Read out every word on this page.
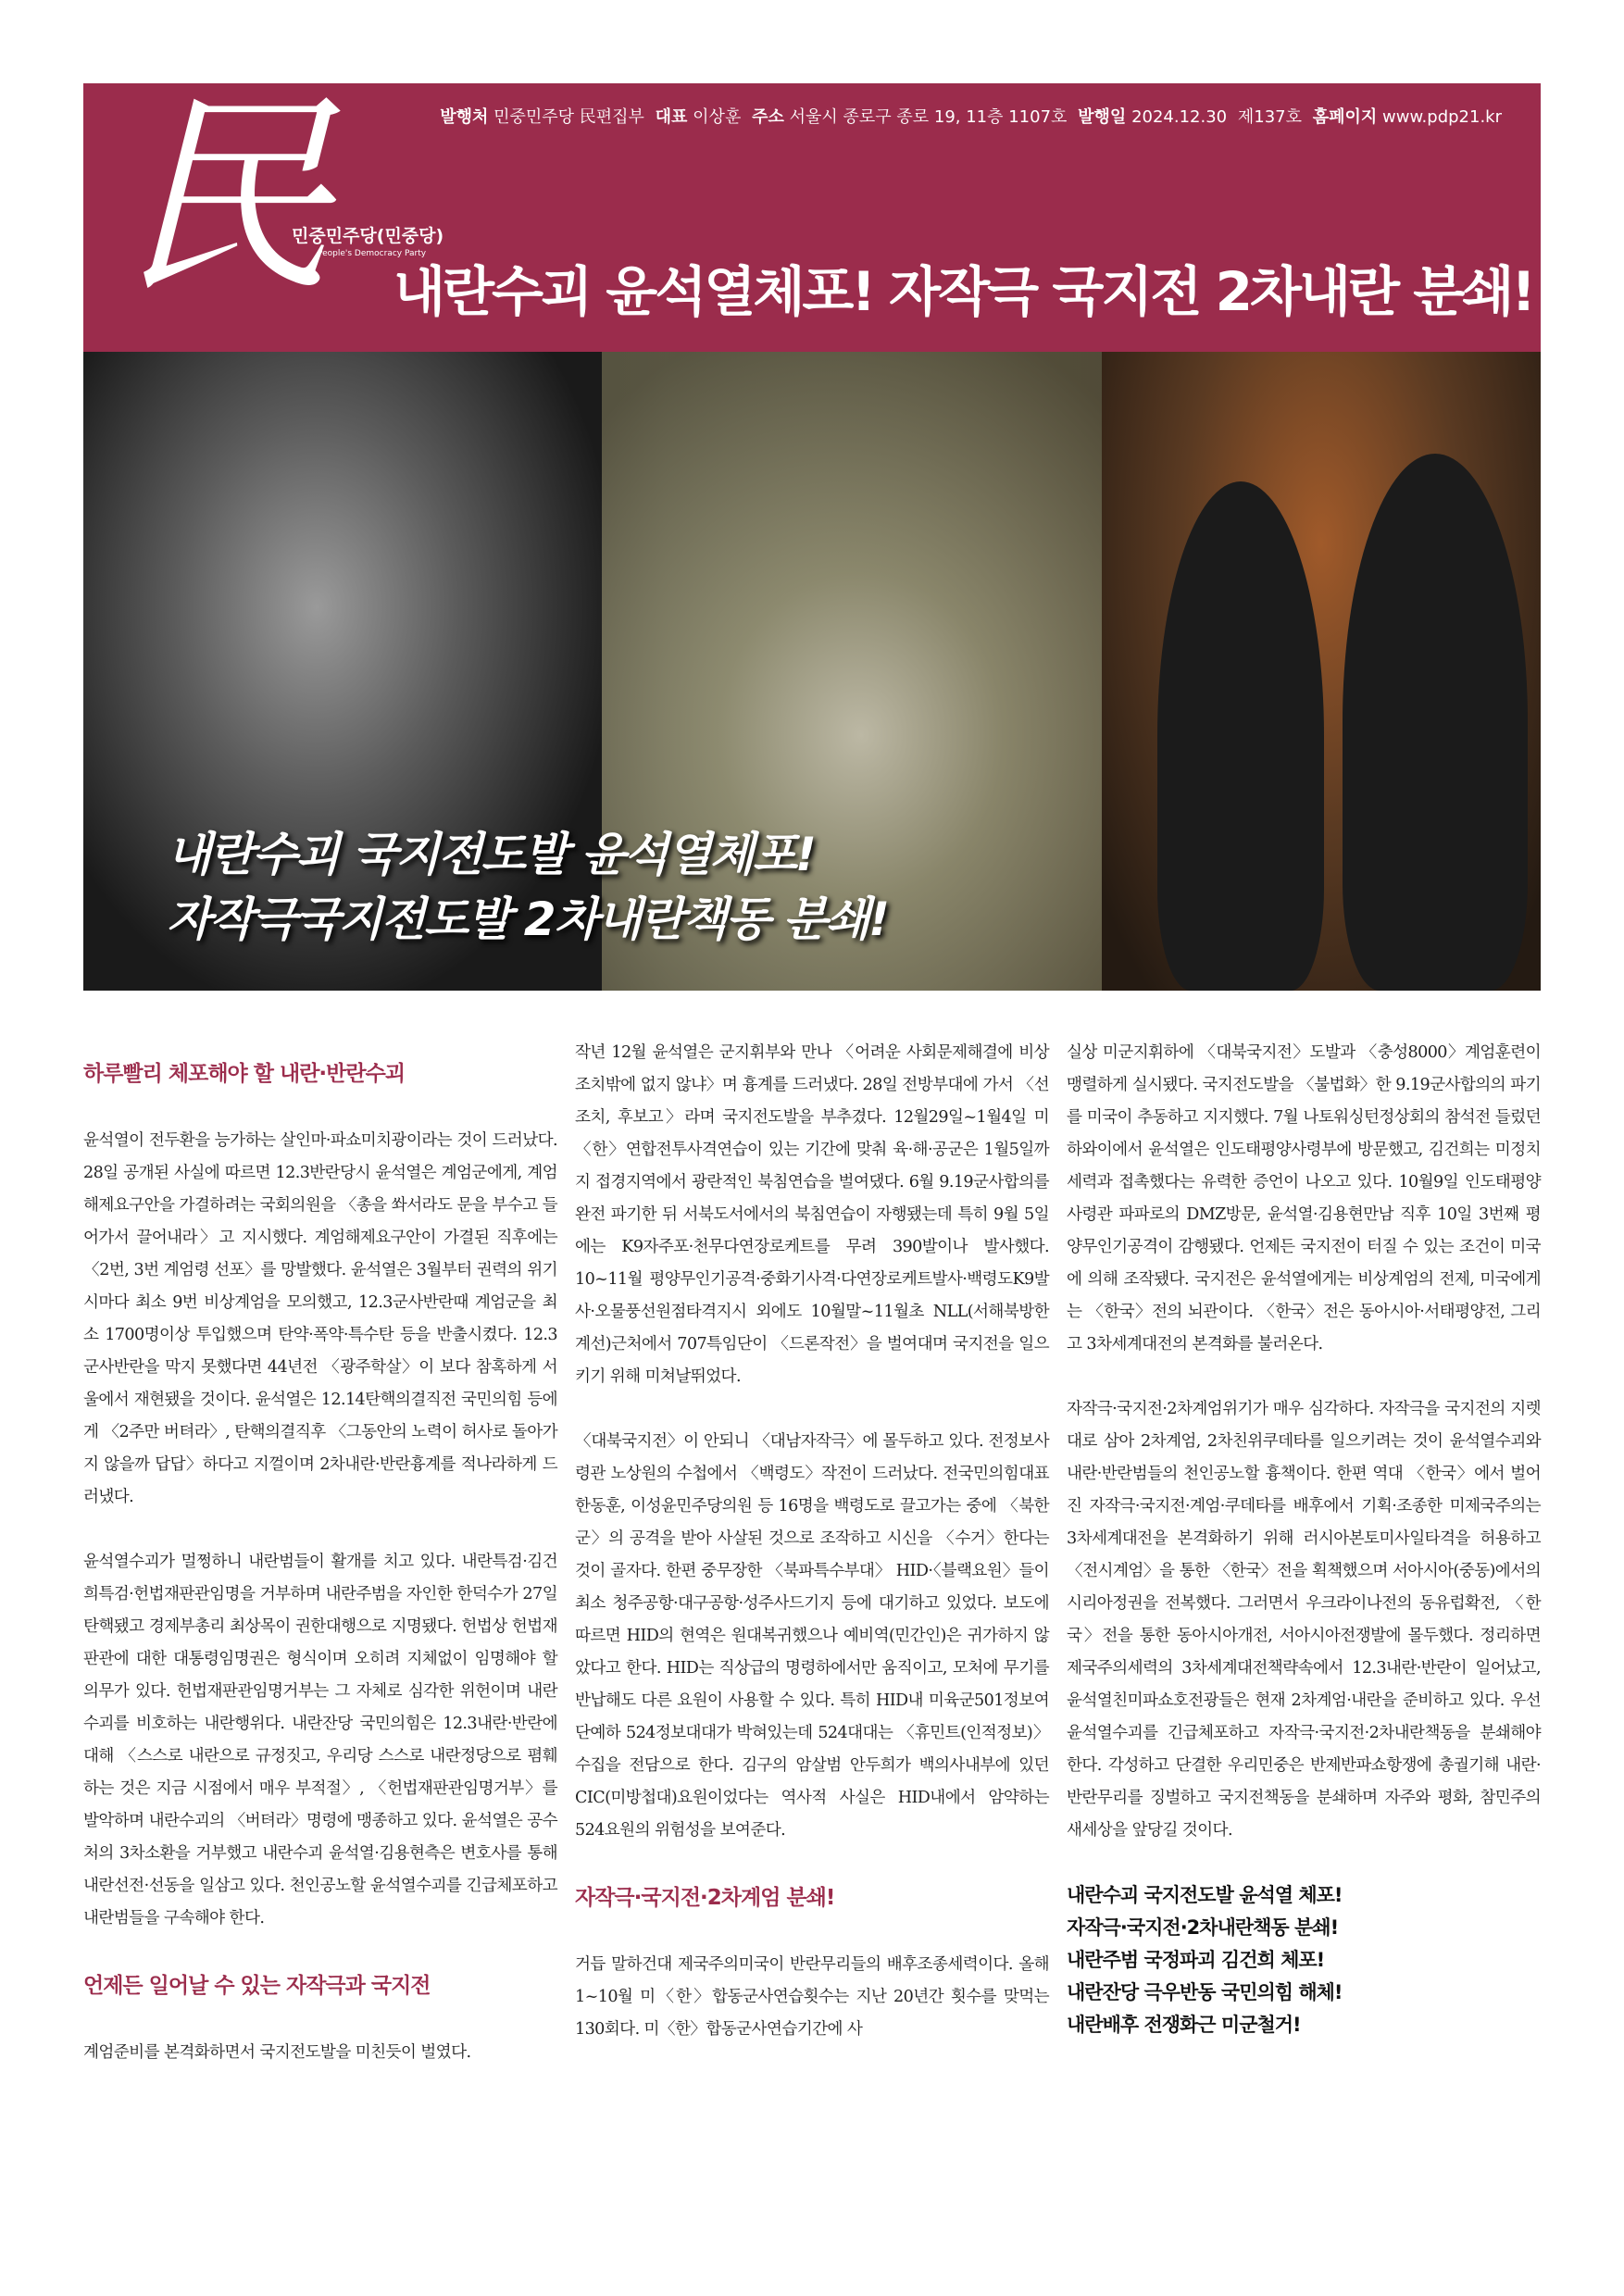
民
민중민주당(민중당)
People's Democracy Party
발행처 민중민주당 民편집부 대표 이상훈 주소 서울시 종로구 종로 19, 11층 1107호 발행일 2024.12.30 제137호 홈페이지 www.pdp21.kr
내란수괴 윤석열체포! 자작극 국지전 2차내란 분쇄!
내란수괴 국지전도발 윤석열체포!
자작극국지전도발 2차내란책동 분쇄!
하루빨리 체포해야 할 내란·반란수괴

윤석열이 전두환을 능가하는 살인마·파쇼미치광이라는 것이 드러났다. 28일 공개된 사실에 따르면 12.3반란당시 윤석열은 계엄군에게, 계엄해제요구안을 가결하려는 국회의원을 〈총을 쏴서라도 문을 부수고 들어가서 끌어내라〉고 지시했다. 계엄해제요구안이 가결된 직후에는 〈2번, 3번 계엄령 선포〉를 망발했다. 윤석열은 3월부터 권력의 위기시마다 최소 9번 비상계엄을 모의했고, 12.3군사반란때 계엄군을 최소 1700명이상 투입했으며 탄약·폭약·특수탄 등을 반출시켰다. 12.3군사반란을 막지 못했다면 44년전 〈광주학살〉이 보다 참혹하게 서울에서 재현됐을 것이다. 윤석열은 12.14탄핵의결직전 국민의힘 등에게 〈2주만 버텨라〉, 탄핵의결직후 〈그동안의 노력이 허사로 돌아가지 않을까 답답〉하다고 지껄이며 2차내란·반란흉계를 적나라하게 드러냈다.

윤석열수괴가 멀쩡하니 내란범들이 활개를 치고 있다. 내란특검·김건희특검·헌법재판관임명을 거부하며 내란주범을 자인한 한덕수가 27일 탄핵됐고 경제부총리 최상목이 권한대행으로 지명됐다. 헌법상 헌법재판관에 대한 대통령임명권은 형식이며 오히려 지체없이 임명해야 할 의무가 있다. 헌법재판관임명거부는 그 자체로 심각한 위헌이며 내란수괴를 비호하는 내란행위다. 내란잔당 국민의힘은 12.3내란·반란에 대해 〈스스로 내란으로 규정짓고, 우리당 스스로 내란정당으로 폄훼하는 것은 지금 시점에서 매우 부적절〉, 〈헌법재판관임명거부〉를 발악하며 내란수괴의 〈버텨라〉명령에 맹종하고 있다. 윤석열은 공수처의 3차소환을 거부했고 내란수괴 윤석열·김용현측은 변호사를 통해 내란선전·선동을 일삼고 있다. 천인공노할 윤석열수괴를 긴급체포하고 내란범들을 구속해야 한다.

언제든 일어날 수 있는 자작극과 국지전

계엄준비를 본격화하면서 국지전도발을 미친듯이 벌였다.

작년 12월 윤석열은 군지휘부와 만나 〈어려운 사회문제해결에 비상조치밖에 없지 않냐〉며 흉계를 드러냈다. 28일 전방부대에 가서 〈선조치, 후보고〉라며 국지전도발을 부추겼다. 12월29일~1월4일 미〈한〉연합전투사격연습이 있는 기간에 맞춰 육·해·공군은 1월5일까지 접경지역에서 광란적인 북침연습을 벌여댔다. 6월 9.19군사합의를 완전 파기한 뒤 서북도서에서의 북침연습이 자행됐는데 특히 9월 5일에는 K9자주포·천무다연장로케트를 무려 390발이나 발사했다. 10~11월 평양무인기공격·중화기사격·다연장로케트발사·백령도K9발사·오물풍선원점타격지시 외에도 10월말~11월초 NLL(서해북방한계선)근처에서 707특임단이 〈드론작전〉을 벌여대며 국지전을 일으키기 위해 미쳐날뛰었다.

〈대북국지전〉이 안되니 〈대남자작극〉에 몰두하고 있다. 전정보사령관 노상원의 수첩에서 〈백령도〉작전이 드러났다. 전국민의힘대표 한동훈, 이성윤민주당의원 등 16명을 백령도로 끌고가는 중에 〈북한군〉의 공격을 받아 사살된 것으로 조작하고 시신을 〈수거〉한다는 것이 골자다. 한편 중무장한 〈북파특수부대〉 HID·〈블랙요원〉들이 최소 청주공항·대구공항·성주사드기지 등에 대기하고 있었다. 보도에 따르면 HID의 현역은 원대복귀했으나 예비역(민간인)은 귀가하지 않았다고 한다. HID는 직상급의 명령하에서만 움직이고, 모처에 무기를 반납해도 다른 요원이 사용할 수 있다. 특히 HID내 미육군501정보여단예하 524정보대대가 박혀있는데 524대대는 〈휴민트(인적정보)〉수집을 전담으로 한다. 김구의 암살범 안두희가 백의사내부에 있던 CIC(미방첩대)요원이었다는 역사적 사실은 HID내에서 암약하는 524요원의 위험성을 보여준다.

자작극·국지전·2차계엄 분쇄!

거듭 말하건대 제국주의미국이 반란무리들의 배후조종세력이다. 올해 1~10월 미〈한〉합동군사연습횟수는 지난 20년간 횟수를 맞먹는 130회다. 미〈한〉합동군사연습기간에 사

실상 미군지휘하에 〈대북국지전〉도발과 〈충성8000〉계엄훈련이 맹렬하게 실시됐다. 국지전도발을 〈불법화〉한 9.19군사합의의 파기를 미국이 추동하고 지지했다. 7월 나토워싱턴정상회의 참석전 들렀던 하와이에서 윤석열은 인도태평양사령부에 방문했고, 김건희는 미정치세력과 접촉했다는 유력한 증언이 나오고 있다. 10월9일 인도태평양사령관 파파로의 DMZ방문, 윤석열·김용현만남 직후 10일 3번째 평양무인기공격이 감행됐다. 언제든 국지전이 터질 수 있는 조건이 미국에 의해 조작됐다. 국지전은 윤석열에게는 비상계엄의 전제, 미국에게는 〈한국〉전의 뇌관이다. 〈한국〉전은 동아시아·서태평양전, 그리고 3차세계대전의 본격화를 불러온다.

자작극·국지전·2차계엄위기가 매우 심각하다. 자작극을 국지전의 지렛대로 삼아 2차계엄, 2차친위쿠데타를 일으키려는 것이 윤석열수괴와 내란·반란범들의 천인공노할 흉책이다. 한편 역대 〈한국〉에서 벌어진 자작극·국지전·계엄·쿠데타를 배후에서 기획·조종한 미제국주의는 3차세계대전을 본격화하기 위해 러시아본토미사일타격을 허용하고 〈전시계엄〉을 통한 〈한국〉전을 획책했으며 서아시아(중동)에서의 시리아정권을 전복했다. 그러면서 우크라이나전의 동유럽확전, 〈한국〉전을 통한 동아시아개전, 서아시아전쟁발에 몰두했다. 정리하면 제국주의세력의 3차세계대전책략속에서 12.3내란·반란이 일어났고, 윤석열친미파쇼호전광들은 현재 2차계엄·내란을 준비하고 있다. 우선 윤석열수괴를 긴급체포하고 자작극·국지전·2차내란책동을 분쇄해야 한다. 각성하고 단결한 우리민중은 반제반파쇼항쟁에 총궐기해 내란·반란무리를 징벌하고 국지전책동을 분쇄하며 자주와 평화, 참민주의 새세상을 앞당길 것이다.

내란수괴 국지전도발 윤석열 체포!
자작극·국지전·2차내란책동 분쇄!
내란주범 국정파괴 김건희 체포!
내란잔당 극우반동 국민의힘 해체!
내란배후 전쟁화근 미군철거!
